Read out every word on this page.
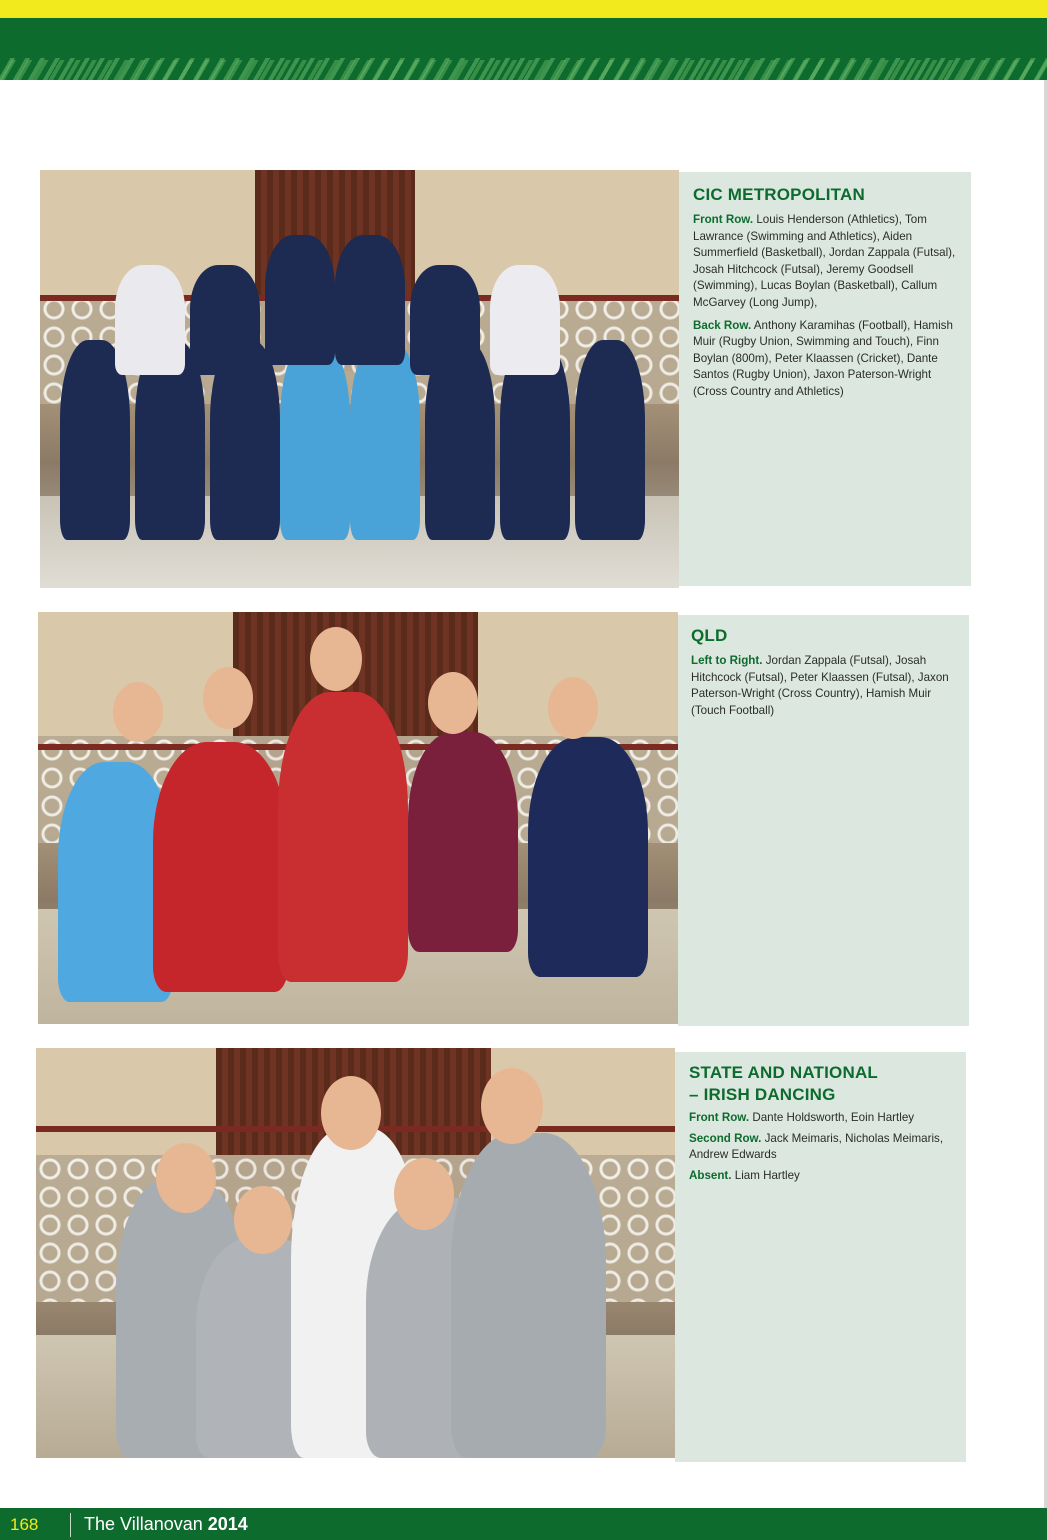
CIC METROPOLITAN

Front Row. Louis Henderson (Athletics), Tom Lawrance (Swimming and Athletics), Aiden Summerfield (Basketball), Jordan Zappala (Futsal), Josah Hitchcock (Futsal), Jeremy Goodsell (Swimming), Lucas Boylan (Basketball), Callum McGarvey (Long Jump),

Back Row. Anthony Karamihas (Football), Hamish Muir (Rugby Union, Swimming and Touch), Finn Boylan (800m), Peter Klaassen (Cricket), Dante Santos (Rugby Union), Jaxon Paterson-Wright (Cross Country and Athletics)

QLD

Left to Right. Jordan Zappala (Futsal), Josah Hitchcock (Futsal), Peter Klaassen (Futsal), Jaxon Paterson-Wright (Cross Country), Hamish Muir (Touch Football)

STATE AND NATIONAL
– IRISH DANCING

Front Row. Dante Holdsworth, Eoin Hartley

Second Row. Jack Meimaris, Nicholas Meimaris, Andrew Edwards

Absent. Liam Hartley

168	The Villanovan 2014
